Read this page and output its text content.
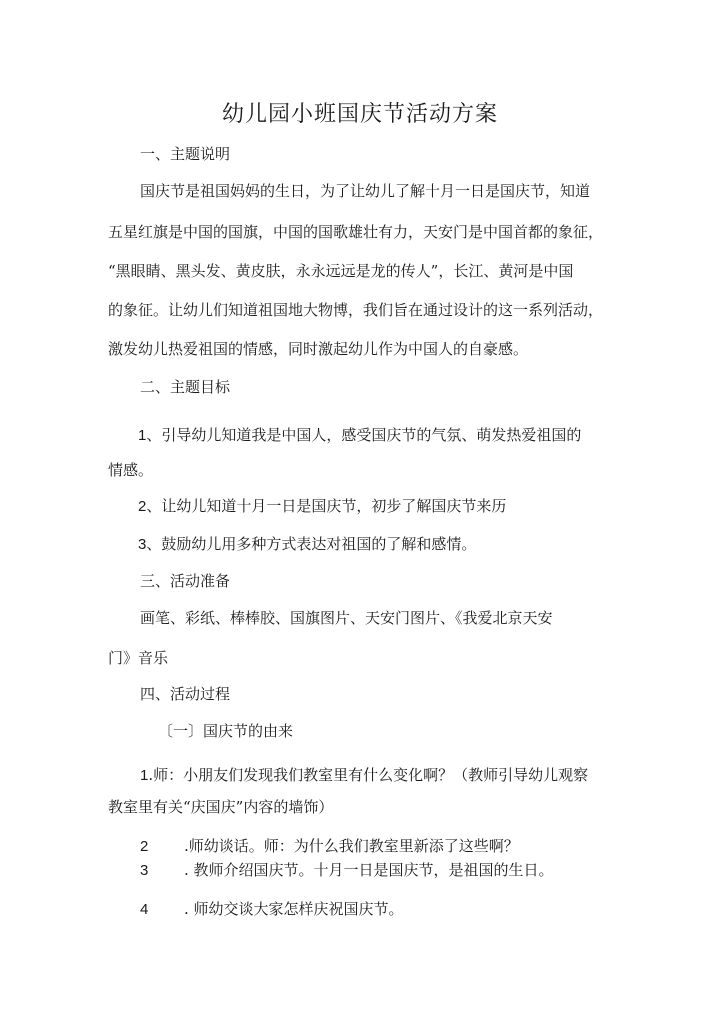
幼儿园小班国庆节活动方案
一、主题说明
国庆节是祖国妈妈的生日，为了让幼儿了解十月一日是国庆节，知道
五星红旗是中国的国旗，中国的国歌雄壮有力，天安门是中国首都的象征，
“黑眼睛、黑头发、黄皮肤，永永远远是龙的传人”，长江、黄河是中国
的象征。让幼儿们知道祖国地大物博，我们旨在通过设计的这一系列活动，
激发幼儿热爱祖国的情感，同时激起幼儿作为中国人的自豪感。
二、主题目标
1、引导幼儿知道我是中国人，感受国庆节的气氛、萌发热爱祖国的
情感。
2、让幼儿知道十月一日是国庆节，初步了解国庆节来历
3、鼓励幼儿用多种方式表达对祖国的了解和感情。
三、活动准备
画笔、彩纸、棒棒胶、国旗图片、天安门图片、《我爱北京天安
门》音乐
四、活动过程
〔一〕国庆节的由来
1.师：小朋友们发现我们教室里有什么变化啊？（教师引导幼儿观察
教室里有关“庆国庆”内容的墙饰）
2 .师幼谈话。师：为什么我们教室里新添了这些啊？
3 . 教师介绍国庆节。十月一日是国庆节，是祖国的生日。
4 . 师幼交谈大家怎样庆祝国庆节。
